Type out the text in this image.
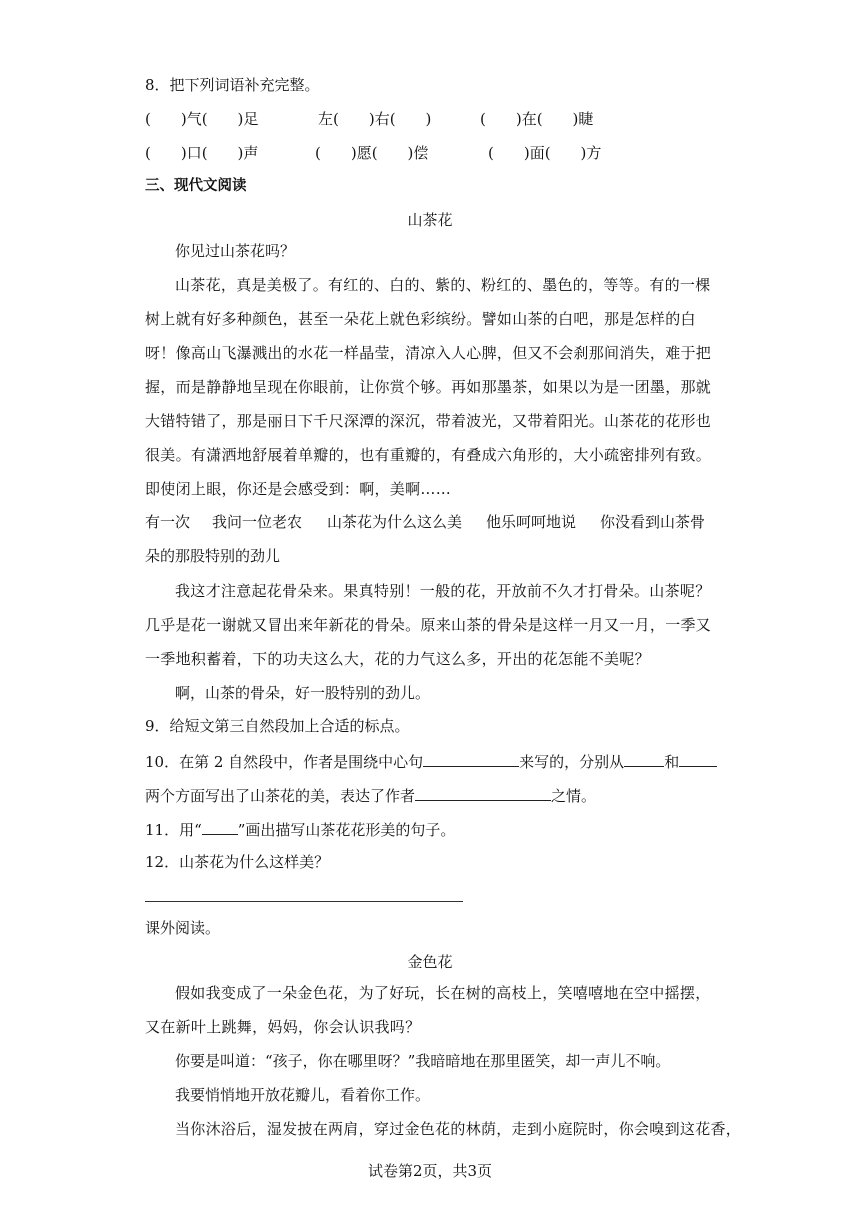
8．把下列词语补充完整。
(　　)气(　　)足	左(　　)右(　　)	(　　)在(　　)睫
(　　)口(　　)声	(　　)愿(　　)偿	(　　)面(　　)方
三、现代文阅读
山茶花
你见过山茶花吗？
山茶花，真是美极了。有红的、白的、紫的、粉红的、墨色的，等等。有的一棵树上就有好多种颜色，甚至一朵花上就色彩缤纷。譬如山茶的白吧，那是怎样的白呀！像高山飞瀑溅出的水花一样晶莹，清凉入人心脾，但又不会刹那间消失，难于把握，而是静静地呈现在你眼前，让你赏个够。再如那墨茶，如果以为是一团墨，那就大错特错了，那是丽日下千尺深潭的深沉，带着波光，又带着阳光。山茶花的花形也很美。有潇洒地舒展着单瓣的，也有重瓣的，有叠成六角形的，大小疏密排列有致。即使闭上眼，你还是会感受到：啊，美啊……
有一次 我问一位老农 山茶花为什么这么美 他乐呵呵地说 你没看到山茶骨
朵的那股特别的劲儿
我这才注意起花骨朵来。果真特别！一般的花，开放前不久才打骨朵。山茶呢？几乎是花一谢就又冒出来年新花的骨朵。原来山茶的骨朵是这样一月又一月，一季又一季地积蓄着，下的功夫这么大，花的力气这么多，开出的花怎能不美呢？
啊，山茶的骨朵，好一股特别的劲儿。
9．给短文第三自然段加上合适的标点。
10．在第 2 自然段中，作者是围绕中心句	来写的，分别从	和
两个方面写出了山茶花的美，表达了作者	之情。
11．用“ ”画出描写山茶花花形美的句子。
12．山茶花为什么这样美？
课外阅读。
金色花
假如我变成了一朵金色花，为了好玩，长在树的高枝上，笑嘻嘻地在空中摇摆，又在新叶上跳舞，妈妈，你会认识我吗？
你要是叫道：“孩子，你在哪里呀？”我暗暗地在那里匿笑，却一声儿不响。
我要悄悄地开放花瓣儿，看着你工作。
当你沐浴后，湿发披在两肩，穿过金色花的林荫，走到小庭院时，你会嗅到这花香，
试卷第2页，共3页
